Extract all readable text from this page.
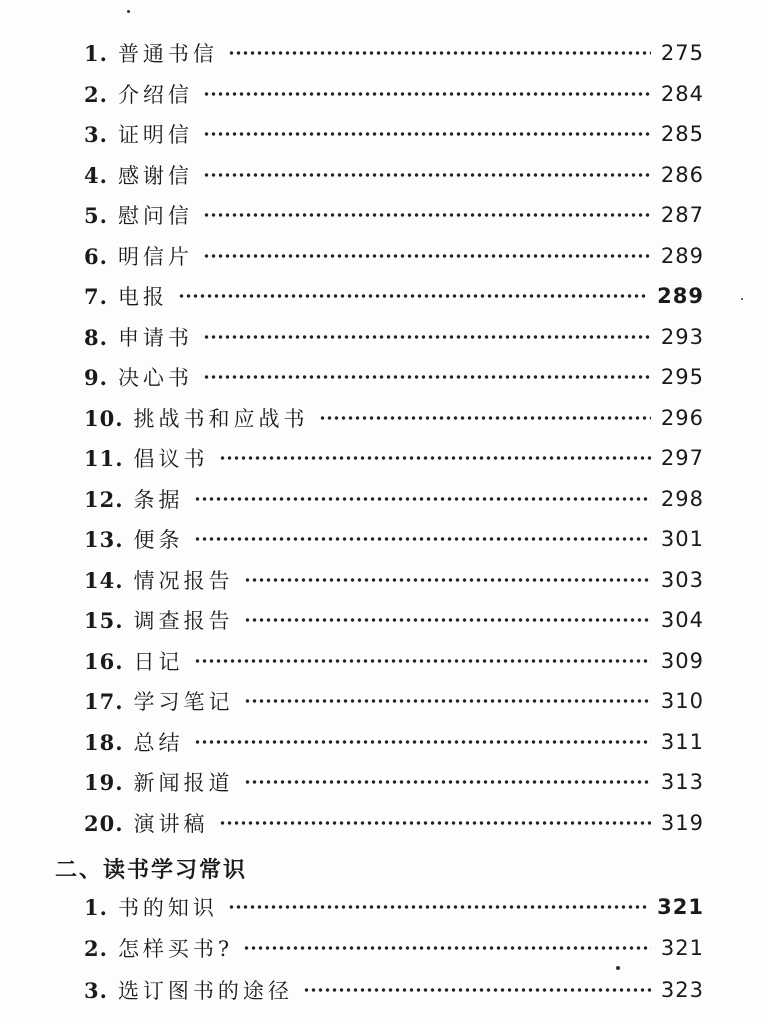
1. 普通书信	275
2. 介绍信	284
3. 证明信	285
4. 感谢信	286
5. 慰问信	287
6. 明信片	289
7. 电报	289
8. 申请书	293
9. 决心书	295
10. 挑战书和应战书	296
11. 倡议书	297
12. 条据	298
13. 便条	301
14. 情况报告	303
15. 调查报告	304
16. 日记	309
17. 学习笔记	310
18. 总结	311
19. 新闻报道	313
20. 演讲稿	319
二、读书学习常识
1. 书的知识	321
2. 怎样买书?	321
3. 选订图书的途径	323
